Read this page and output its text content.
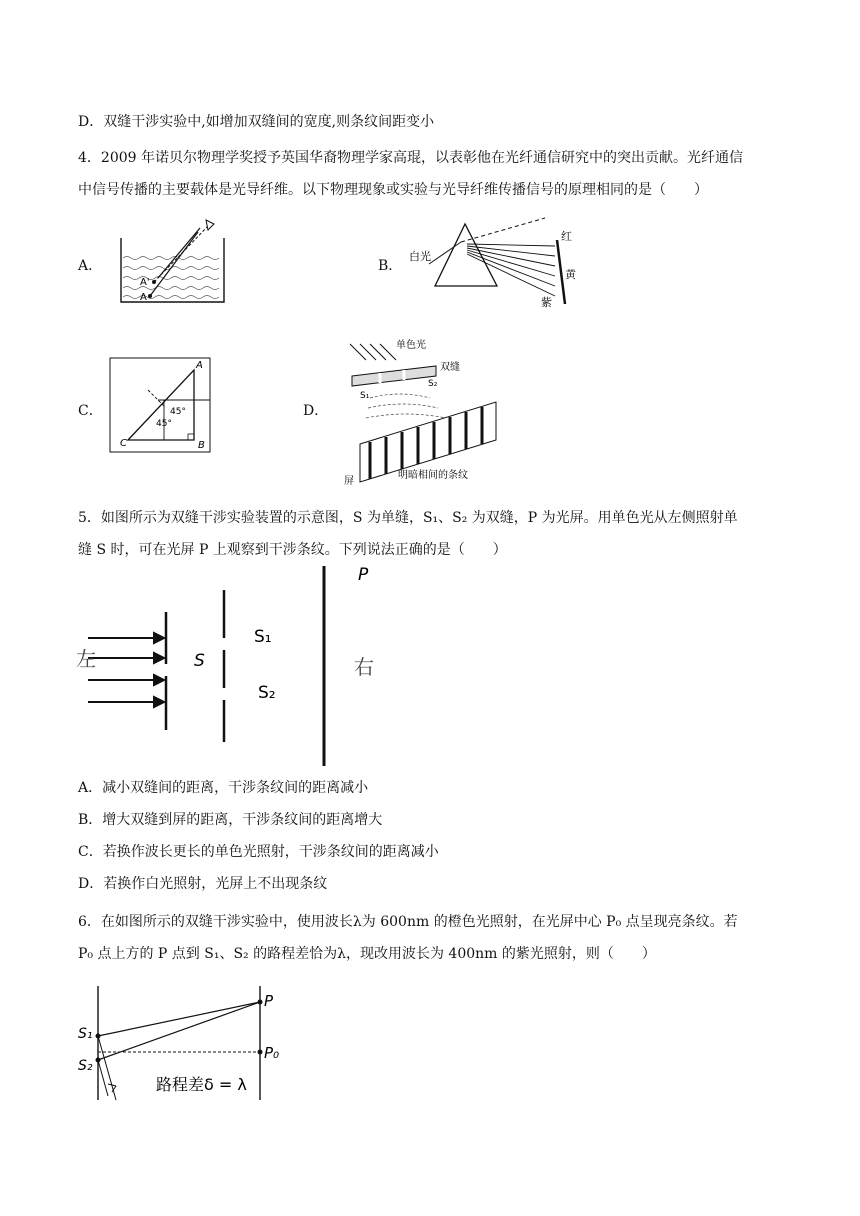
D．双缝干涉实验中,如增加双缝间的宽度,则条纹间距变小
4．2009 年诺贝尔物理学奖授予英国华裔物理学家高琨，以表彰他在光纤通信研究中的突出贡献。光纤通信
中信号传播的主要载体是光导纤维。以下物理现象或实验与光导纤维传播信号的原理相同的是（　　）
A．
A'
A
B．
白光
红
黄
紫
C．
A
B
C
45°
45°
D．
单色光
双缝
S₁
S₂
屏
明暗相间的条纹
5．如图所示为双缝干涉实验装置的示意图，S 为单缝，S₁、S₂ 为双缝，P 为光屏。用单色光从左侧照射单
缝 S 时，可在光屏 P 上观察到干涉条纹。下列说法正确的是（　　）
P
左	右
S
S₁
S₂
A．减小双缝间的距离，干涉条纹间的距离减小
B．增大双缝到屏的距离，干涉条纹间的距离增大
C．若换作波长更长的单色光照射，干涉条纹间的距离减小
D．若换作白光照射，光屏上不出现条纹
6．在如图所示的双缝干涉实验中，使用波长λ为 600nm 的橙色光照射，在光屏中心 P₀ 点呈现亮条纹。若
P₀ 点上方的 P 点到 S₁、S₂ 的路程差恰为λ，现改用波长为 400nm 的紫光照射，则（　　）
S₁
S₂
P
P₀
路程差δ = λ
